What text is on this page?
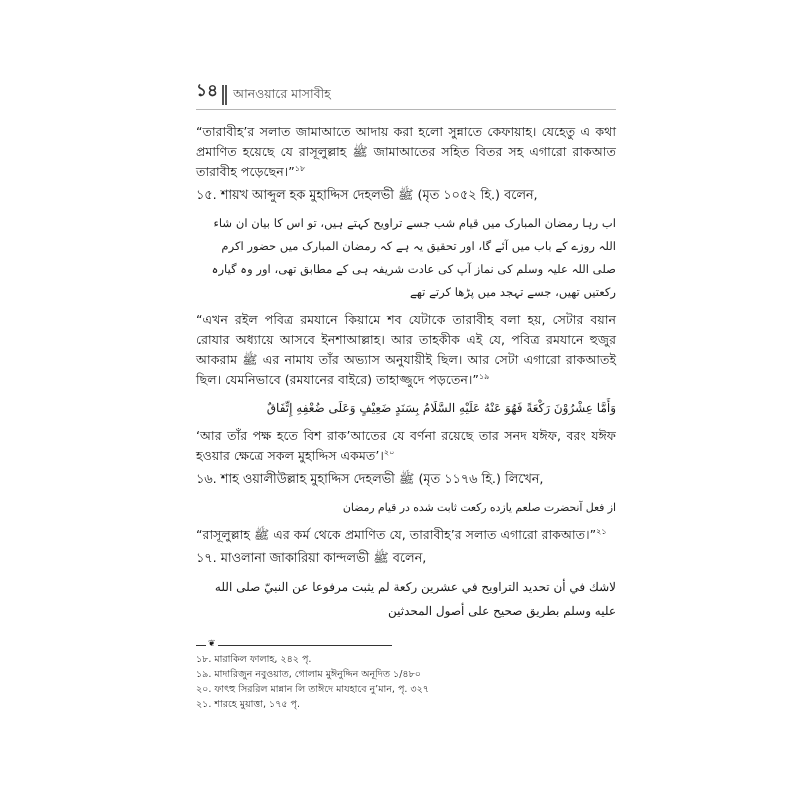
১৪ আনওয়ারে মাসাবীহ

“তারাবীহ’র সলাত জামাআতে আদায় করা হলো সুন্নাতে কেফায়াহ। যেহেতু এ কথা প্রমাণিত হয়েছে যে রাসূলুল্লাহ ﷺ জামাআতের সহিত বিতর সহ এগারো রাকআত তারাবীহ পড়েছেন।”$^{১৮}$

১৫. শায়খ আব্দুল হক মুহাদ্দিস দেহলভী ﷺ (মৃত ১০৫২ হি.) বলেন,

اب رہا رمضان المبارک میں قیام شب جسے تراویح کہتے ہیں، تو اس کا بیان ان شاء اللہ روزے کے باب میں آئے گا، اور تحقیق یہ ہے کہ رمضان المبارک میں حضور اکرم صلی اللہ علیہ وسلم کی نماز آپ کی عادت شریفہ ہی کے مطابق تھی، اور وہ گیارہ رکعتیں تھیں، جسے تہجد میں پڑھا کرتے تھے

“এখন রইল পবিত্র রমযানে কিয়ামে শব যেটাকে তারাবীহ বলা হয়, সেটার বয়ান রোযার অধ্যায়ে আসবে ইনশাআল্লাহ। আর তাহকীক এই যে, পবিত্র রমযানে হুজুর আকরাম ﷺ এর নামায তাঁর অভ্যাস অনুযায়ীই ছিল। আর সেটা এগারো রাকআতই ছিল। যেমনিভাবে (রমযানের বাইরে) তাহাজ্জুদে পড়তেন।”$^{১৯}$

وَأَمَّا عِشْرُوْنَ رَكْعَةً فَهُوَ عَنْهُ عَلَيْهِ السَّلَامُ بِسَنَدٍ ضَعِيْفٍ وَعَلَى ضُعْفِهِ إِتِّفَاقٌ

‘আর তাঁর পক্ষ হতে বিশ রাক’আতের যে বর্ণনা রয়েছে তার সনদ যঈফ, বরং যঈফ হওয়ার ক্ষেত্রে সকল মুহাদ্দিস একমত’।$^{২০}$

১৬. শাহ ওয়ালীউল্লাহ মুহাদ্দিস দেহলভী ﷺ (মৃত ১১৭৬ হি.) লিখেন,

از فعل آنحضرت صلعم یازده رکعت ثابت شده در قیام رمضان

“রাসূলুল্লাহ ﷺ এর কর্ম থেকে প্রমাণিত যে, তারাবীহ’র সলাত এগারো রাকআত।”$^{২১}$

১৭. মাওলানা জাকারিয়া কান্দলভী ﷺ বলেন,

لاشك في أن تحديد التراويح في عشرين ركعة لم يثبت مرفوعا عن النبيّ صلى الله عليه وسلم بطريق صحيح على أصول المحدثين

❦
১৮. মারাকিল ফালাহ, ২৪২ পৃ.
১৯. মাদারিজুন নবুওয়াত, গোলাম মুঈনুদ্দিন অনূদিত ১/৪৮০
২০. ফাৎহু সিররিল মান্নান লি তাঈদে মাযহাবে নু’মান, পৃ. ৩২৭
২১. শারহে মুয়াত্তা, ১৭৫ পৃ.
